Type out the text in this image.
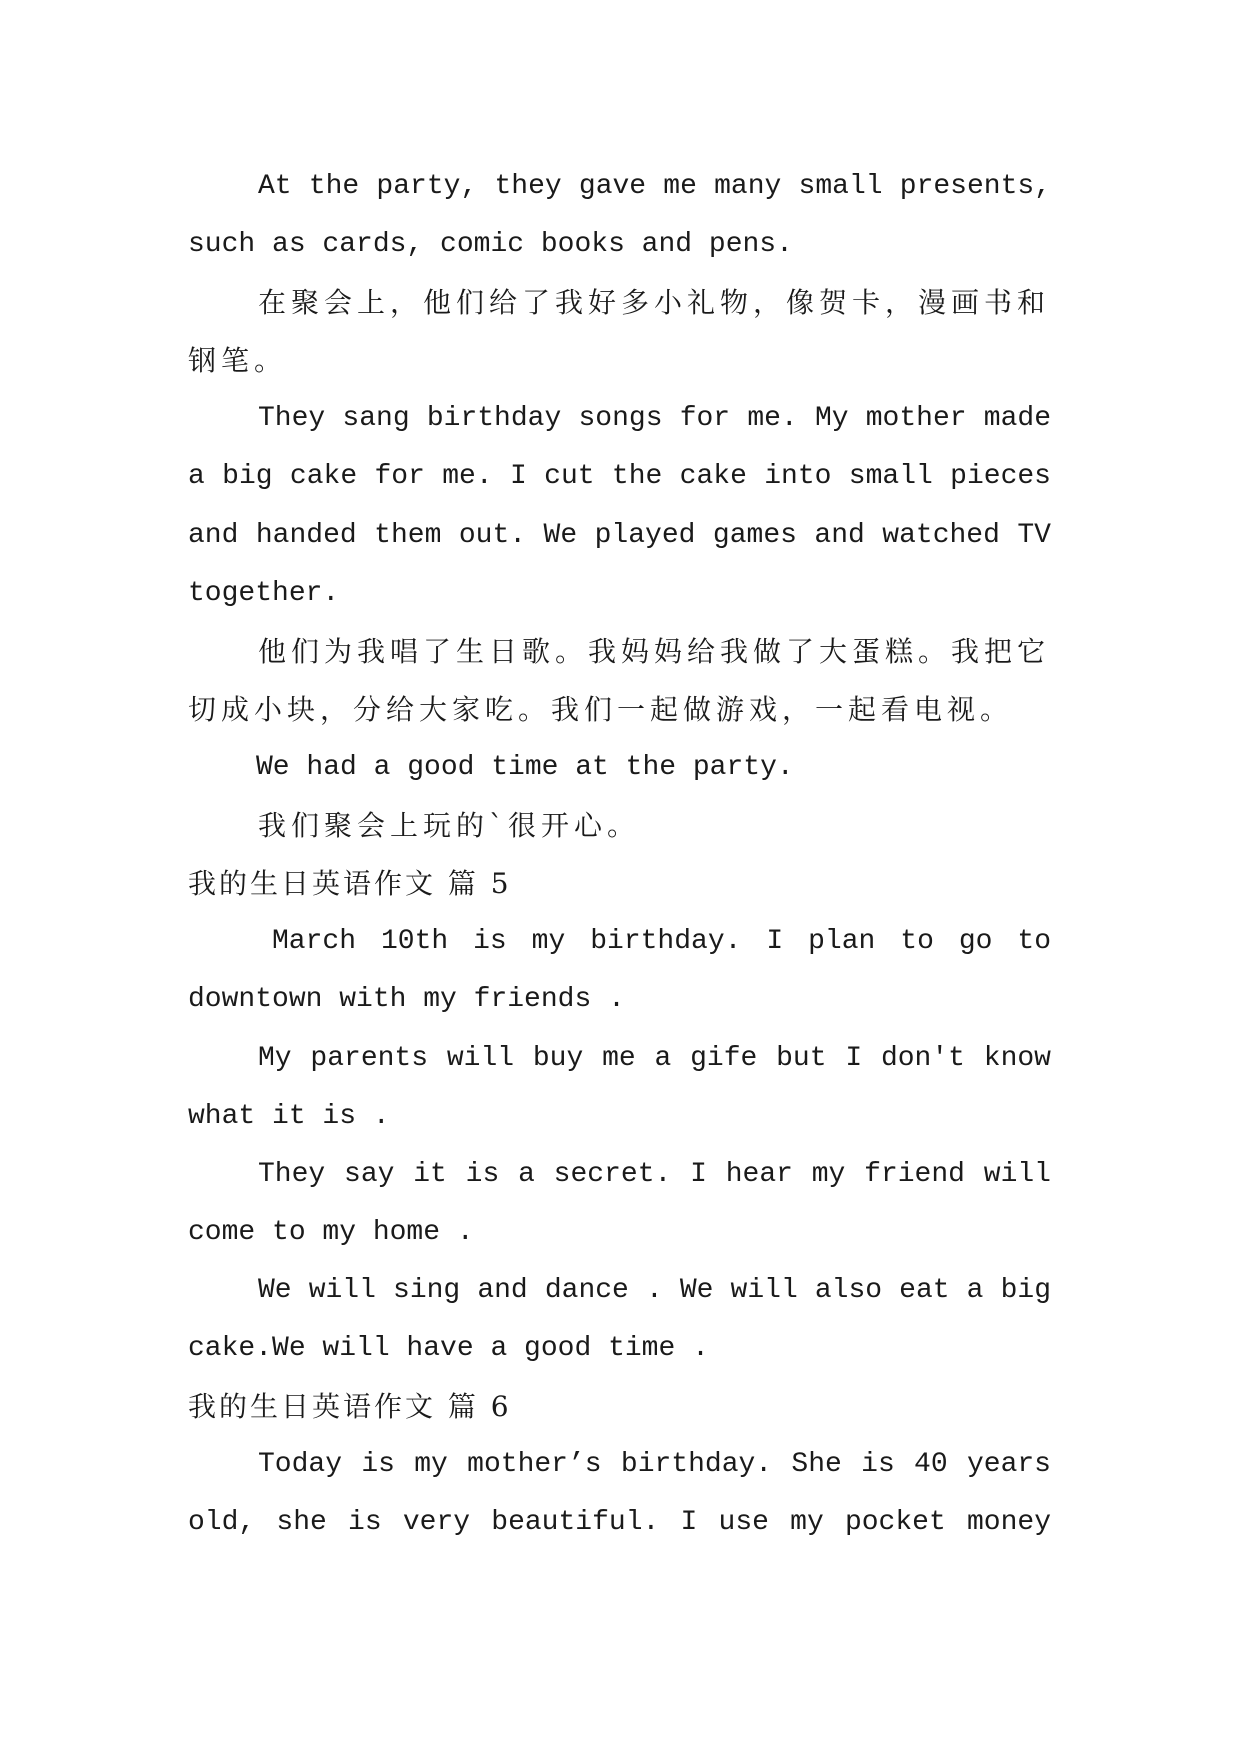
At the party, they gave me many small presents,
such as cards, comic books and pens.
在聚会上，他们给了我好多小礼物，像贺卡，漫画书和
钢笔。
They sang birthday songs for me. My mother made
a big cake for me. I cut the cake into small pieces
and handed them out. We played games and watched TV
together.
他们为我唱了生日歌。我妈妈给我做了大蛋糕。我把它
切成小块，分给大家吃。我们一起做游戏，一起看电视。
We had a good time at the party.
我们聚会上玩的`很开心。
我的生日英语作文 篇 5
March 10th is my birthday. I plan to go to
downtown with my friends .
My parents will buy me a gife but I don't know
what it is .
They say it is a secret. I hear my friend will
come to my home .
We will sing and dance . We will also eat a big
cake.We will have a good time .
我的生日英语作文 篇 6
Today is my mother’s birthday. She is 40 years
old, she is very beautiful. I use my pocket money
